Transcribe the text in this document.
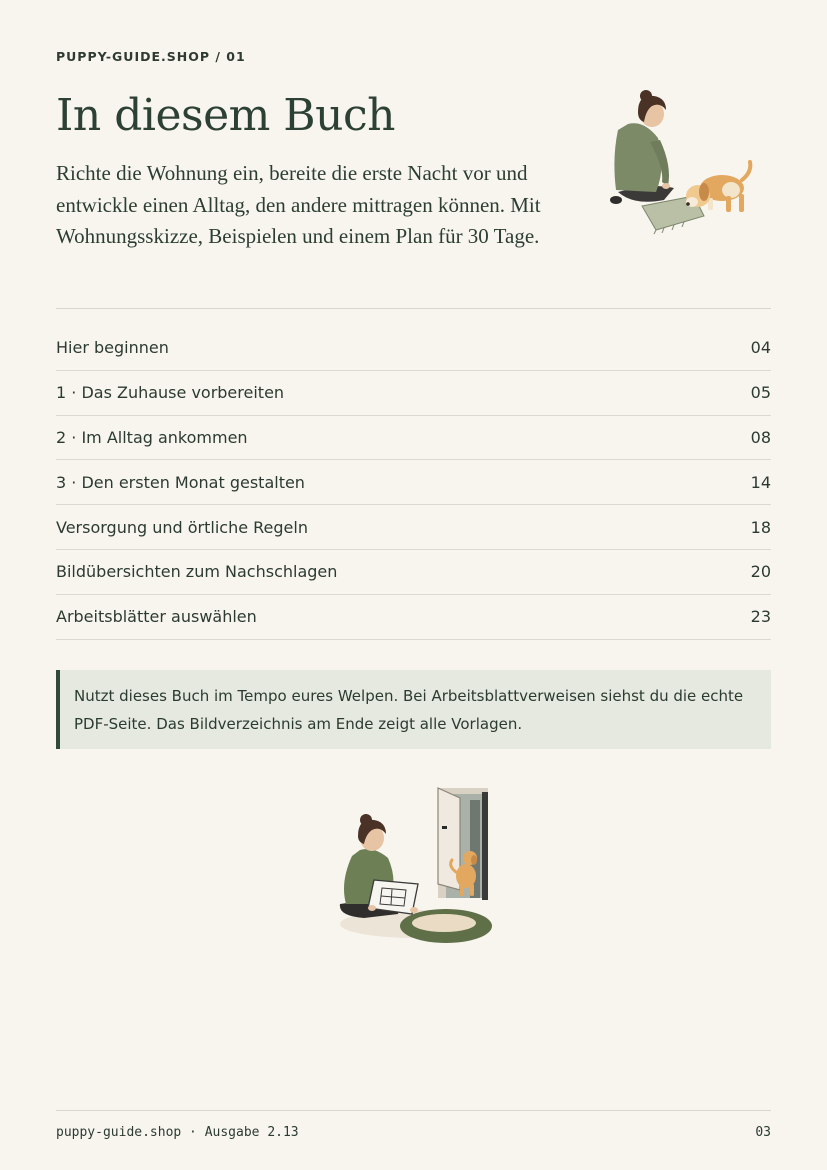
PUPPY-GUIDE.SHOP / 01
In diesem Buch

Richte die Wohnung ein, bereite die erste Nacht vor und entwickle einen Alltag, den andere mittragen können. Mit Wohnungsskizze, Beispielen und einem Plan für 30 Tage.

Hier beginnen	04
1 · Das Zuhause vorbereiten	05
2 · Im Alltag ankommen	08
3 · Den ersten Monat gestalten	14
Versorgung und örtliche Regeln	18
Bildübersichten zum Nachschlagen	20
Arbeitsblätter auswählen	23
Nutzt dieses Buch im Tempo eures Welpen. Bei Arbeitsblattverweisen siehst du die echte PDF-Seite. Das Bildverzeichnis am Ende zeigt alle Vorlagen.
puppy-guide.shop · Ausgabe 2.13	03
